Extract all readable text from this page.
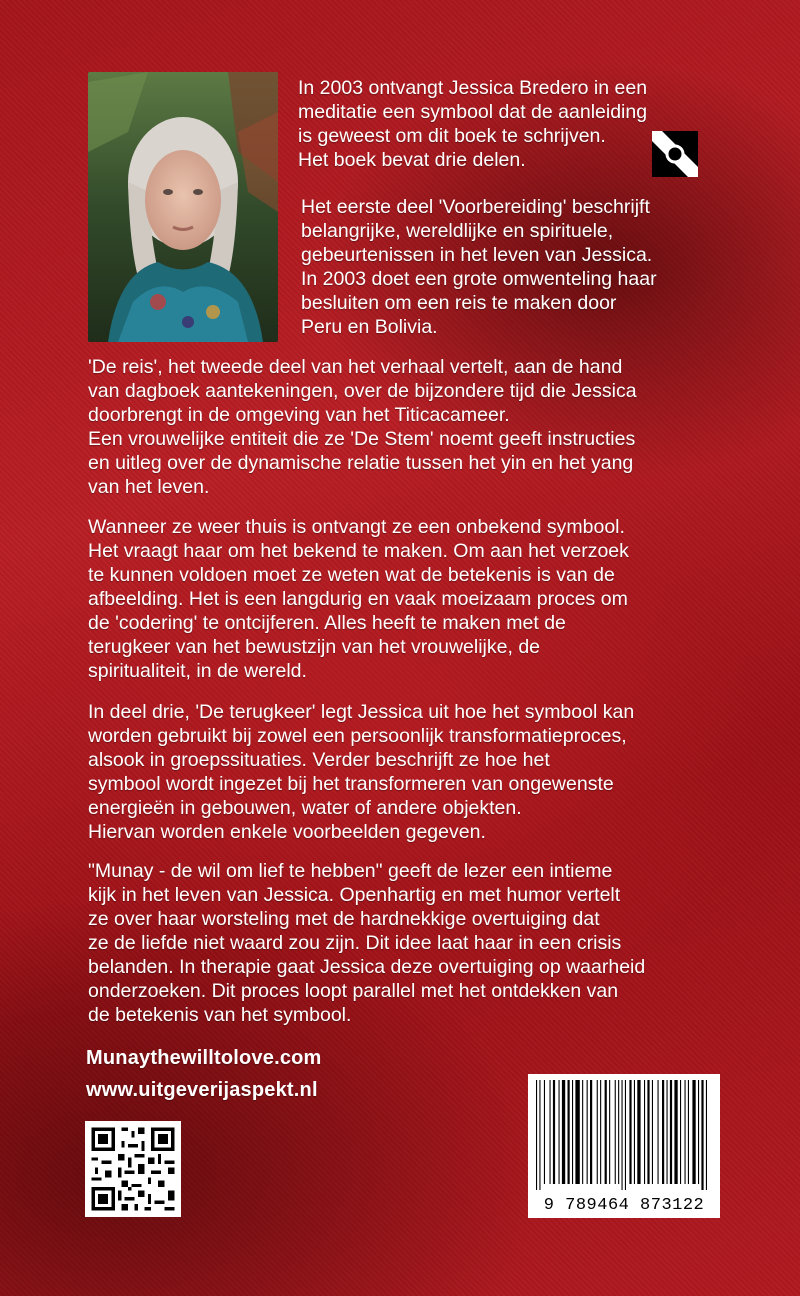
In 2003 ontvangt Jessica Bredero in een
meditatie een symbool dat de aanleiding
is geweest om dit boek te schrijven.
Het boek bevat drie delen.

Het eerste deel 'Voorbereiding' beschrijft
belangrijke, wereldlijke en spirituele,
gebeurtenissen in het leven van Jessica.
In 2003 doet een grote omwenteling haar
besluiten om een reis te maken door
Peru en Bolivia.

'De reis', het tweede deel van het verhaal vertelt, aan de hand
van dagboek aantekeningen, over de bijzondere tijd die Jessica
doorbrengt in de omgeving van het Titicacameer.
Een vrouwelijke entiteit die ze 'De Stem' noemt geeft instructies
en uitleg over de dynamische relatie tussen het yin en het yang
van het leven.

Wanneer ze weer thuis is ontvangt ze een onbekend symbool.
Het vraagt haar om het bekend te maken. Om aan het verzoek
te kunnen voldoen moet ze weten wat de betekenis is van de
afbeelding. Het is een langdurig en vaak moeizaam proces om
de 'codering' te ontcijferen. Alles heeft te maken met de
terugkeer van het bewustzijn van het vrouwelijke, de
spiritualiteit, in de wereld.

In deel drie, 'De terugkeer' legt Jessica uit hoe het symbool kan
worden gebruikt bij zowel een persoonlijk transformatieproces,
alsook in groepssituaties. Verder beschrijft ze hoe het
symbool wordt ingezet bij het transformeren van ongewenste
energieën in gebouwen, water of andere objekten.
Hiervan worden enkele voorbeelden gegeven.

"Munay - de wil om lief te hebben" geeft de lezer een intieme
kijk in het leven van Jessica. Openhartig en met humor vertelt
ze over haar worsteling met de hardnekkige overtuiging dat
ze de liefde niet waard zou zijn. Dit idee laat haar in een crisis
belanden. In therapie gaat Jessica deze overtuiging op waarheid
onderzoeken. Dit proces loopt parallel met het ontdekken van
de betekenis van het symbool.

Munaythewilltolove.com
www.uitgeverijaspekt.nl
9 789464 873122
